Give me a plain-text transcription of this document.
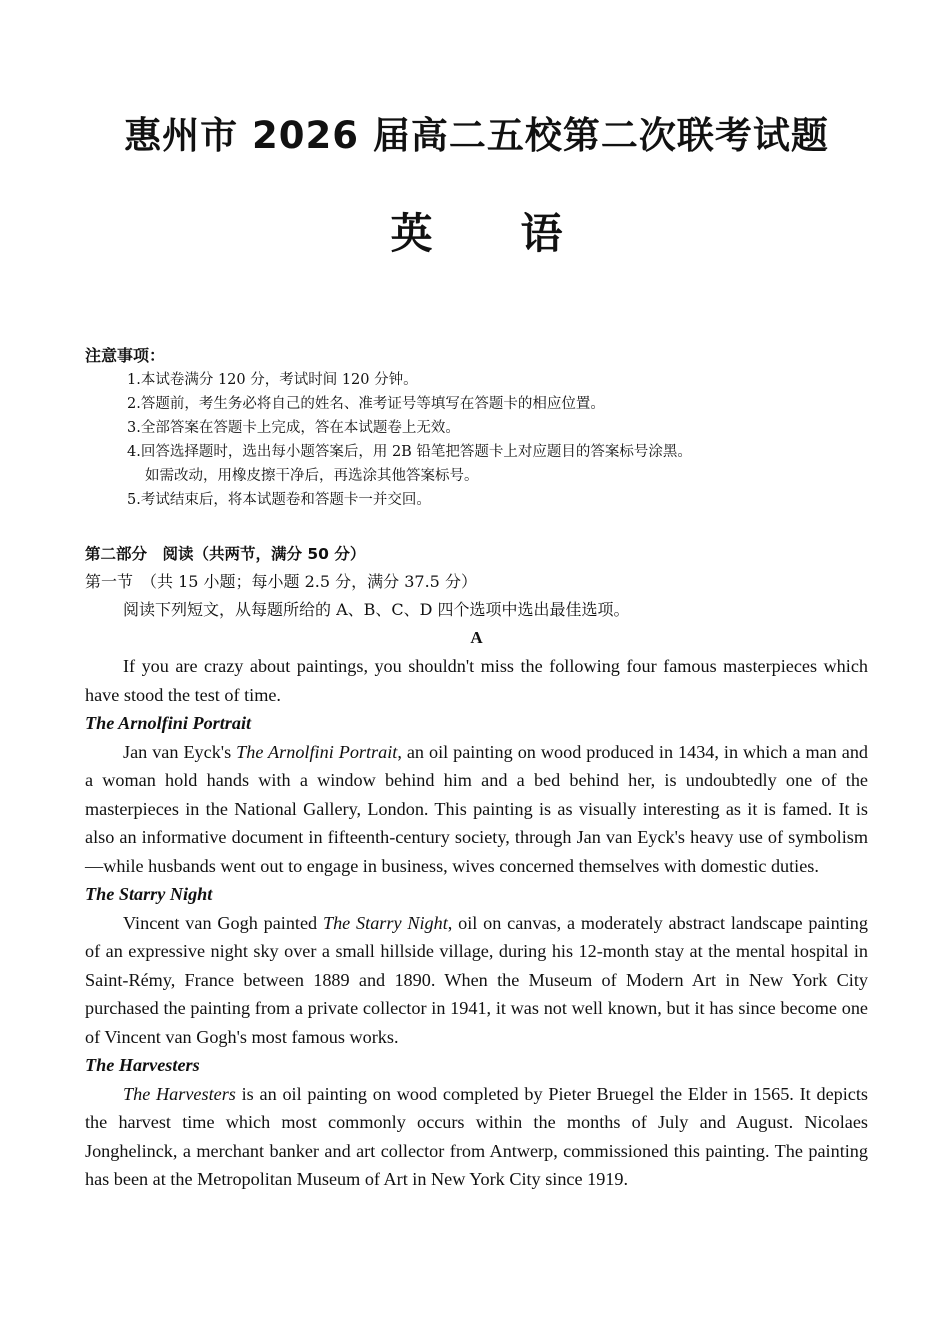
惠州市 2026 届高二五校第二次联考试题
英 语

注意事项：

1.本试卷满分 120 分，考试时间 120 分钟。
2.答题前，考生务必将自己的姓名、准考证号等填写在答题卡的相应位置。
3.全部答案在答题卡上完成，答在本试题卷上无效。
4.回答选择题时，选出每小题答案后，用 2B 铅笔把答题卡上对应题目的答案标号涂黑。
如需改动，用橡皮擦干净后，再选涂其他答案标号。
5.考试结束后，将本试题卷和答题卡一并交回。

第二部分　阅读（共两节，满分 50 分）

第一节　（共 15 小题；每小题 2.5 分，满分 37.5 分）

阅读下列短文，从每题所给的 A、B、C、D 四个选项中选出最佳选项。

A

If you are crazy about paintings, you shouldn't miss the following four famous masterpieces which have stood the test of time.

The Arnolfini Portrait

Jan van Eyck's The Arnolfini Portrait, an oil painting on wood produced in 1434, in which a man and a woman hold hands with a window behind him and a bed behind her, is undoubtedly one of the masterpieces in the National Gallery, London. This painting is as visually interesting as it is famed. It is also an informative document in fifteenth-century society, through Jan van Eyck's heavy use of symbolism—while husbands went out to engage in business, wives concerned themselves with domestic duties.

The Starry Night

Vincent van Gogh painted The Starry Night, oil on canvas, a moderately abstract landscape painting of an expressive night sky over a small hillside village, during his 12-month stay at the mental hospital in Saint-Rémy, France between 1889 and 1890. When the Museum of Modern Art in New York City purchased the painting from a private collector in 1941, it was not well known, but it has since become one of Vincent van Gogh's most famous works.

The Harvesters

The Harvesters is an oil painting on wood completed by Pieter Bruegel the Elder in 1565. It depicts the harvest time which most commonly occurs within the months of July and August. Nicolaes Jonghelinck, a merchant banker and art collector from Antwerp, commissioned this painting. The painting has been at the Metropolitan Museum of Art in New York City since 1919.
